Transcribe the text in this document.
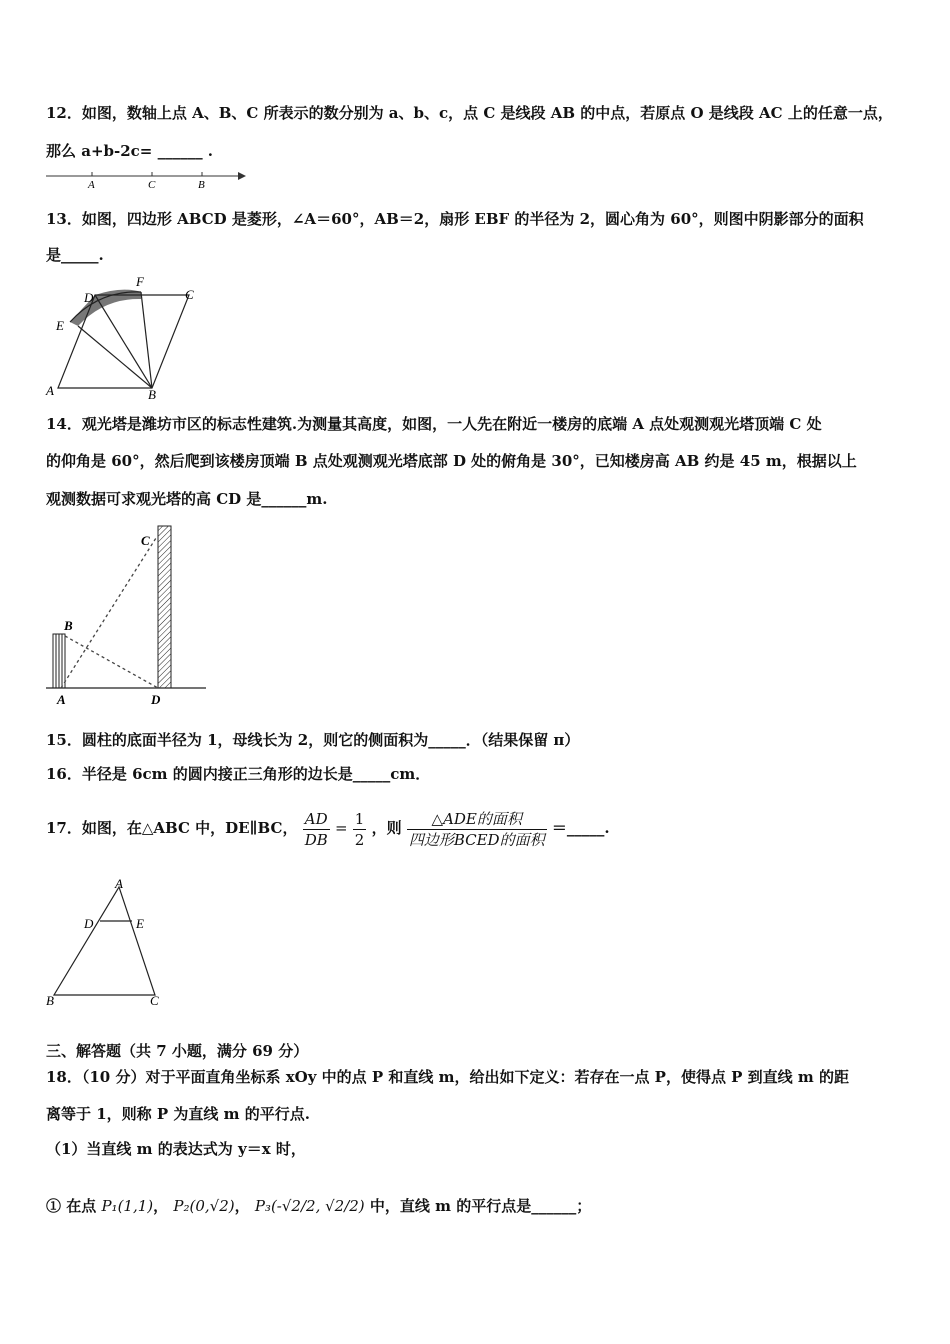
12．如图，数轴上点 A、B、C 所表示的数分别为 a、b、c，点 C 是线段 AB 的中点，若原点 O 是线段 AC 上的任意一点，
那么 a+b-2c= ______ .
A	C	B
13．如图，四边形 ABCD 是菱形，∠A＝60°，AB＝2，扇形 EBF 的半径为 2，圆心角为 60°，则图中阴影部分的面积
是_____.
D
F
C
E
A	B
14．观光塔是潍坊市区的标志性建筑.为测量其高度，如图，一人先在附近一楼房的底端 A 点处观测观光塔顶端 C 处
的仰角是 60°，然后爬到该楼房顶端 B 点处观测观光塔底部 D 处的俯角是 30°，已知楼房高 AB 约是 45 m，根据以上
观测数据可求观光塔的高 CD 是______m.
C
B
A	D
15．圆柱的底面半径为 1，母线长为 2，则它的侧面积为_____．（结果保留 π）
16．半径是 6cm 的圆内接正三角形的边长是_____cm．
17．如图，在△ABC 中，DE∥BC， $\frac{AD}{DB} = \frac{1}{2}$ ，则 $\frac{\text{△ADE的面积}}{\text{四边形BCED的面积}}$ ＝_____.
A
D	E
B	C
三、解答题（共 7 小题，满分 69 分）
18．（10 分）对于平面直角坐标系 xOy 中的点 P 和直线 m，给出如下定义：若存在一点 P，使得点 P 到直线 m 的距
离等于 1，则称 P 为直线 m 的平行点.
（1）当直线 m 的表达式为 y＝x 时，
① 在点 P₁(1,1)， P₂(0,√2)， P₃(-√2/2, √2/2) 中，直线 m 的平行点是______；
